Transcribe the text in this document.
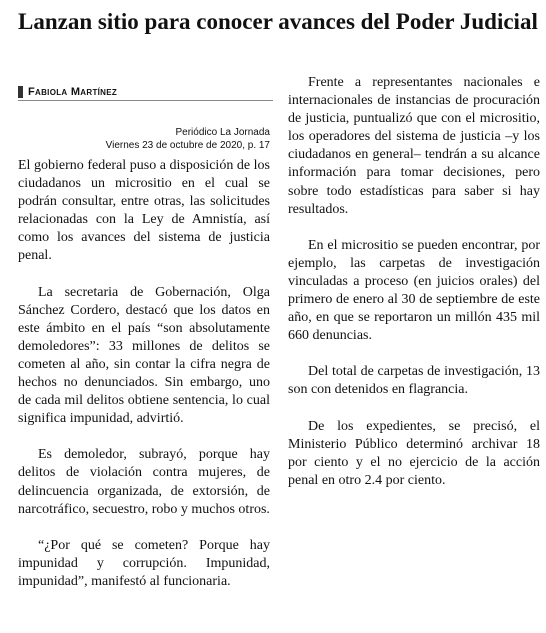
Lanzan sitio para conocer avances del Poder Judicial
Fabiola Martínez
Periódico La Jornada
Viernes 23 de octubre de 2020, p. 17

El gobierno federal puso a disposición de los ciudadanos un micrositio en el cual se podrán consultar, entre otras, las solicitudes relacionadas con la Ley de Amnistía, así como los avances del sistema de justicia penal.

La secretaria de Gobernación, Olga Sánchez Cordero, destacó que los datos en este ámbito en el país “son absolutamente demoledores”: 33 millones de delitos se cometen al año, sin contar la cifra negra de hechos no denunciados. Sin embargo, uno de cada mil delitos obtiene sentencia, lo cual significa impunidad, advirtió.

Es demoledor, subrayó, porque hay delitos de violación contra mujeres, de delincuencia organizada, de extorsión, de narcotráfico, secuestro, robo y muchos otros.

“¿Por qué se cometen? Porque hay impunidad y corrupción. Impunidad, impunidad”, manifestó al funcionaria.

Frente a representantes nacionales e internacionales de instancias de procuración de justicia, puntualizó que con el micrositio, los operadores del sistema de justicia –y los ciudadanos en general– tendrán a su alcance información para tomar decisiones, pero sobre todo estadísticas para saber si hay resultados.

En el micrositio se pueden encontrar, por ejemplo, las carpetas de investigación vinculadas a proceso (en juicios orales) del primero de enero al 30 de septiembre de este año, en que se reportaron un millón 435 mil 660 denuncias.

Del total de carpetas de investigación, 13 son con detenidos en flagrancia.

De los expedientes, se precisó, el Ministerio Público determinó archivar 18 por ciento y el no ejercicio de la acción penal en otro 2.4 por ciento.
